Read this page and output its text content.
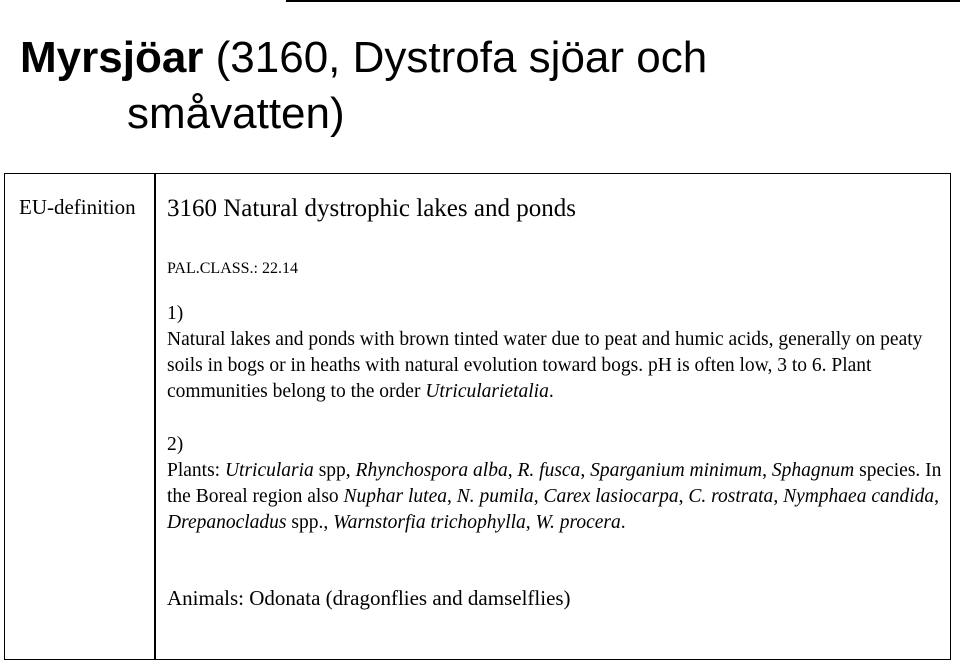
Myrsjöar (3160, Dystrofa sjöar och
småvatten)
EU-definition 3160 Natural dystrophic lakes and ponds
PAL.CLASS.: 22.14
1)
Natural lakes and ponds with brown tinted water due to peat and humic acids, generally on peaty soils in bogs or in heaths with natural evolution toward bogs. pH is often low, 3 to 6. Plant communities belong to the order Utricularietalia.
2)
Plants: Utricularia spp, Rhynchospora alba, R. fusca, Sparganium minimum, Sphagnum species. In the Boreal region also Nuphar lutea, N. pumila, Carex lasiocarpa, C. rostrata, Nymphaea candida, Drepanocladus spp., Warnstorfia trichophylla, W. procera.
Animals: Odonata (dragonflies and damselflies)
